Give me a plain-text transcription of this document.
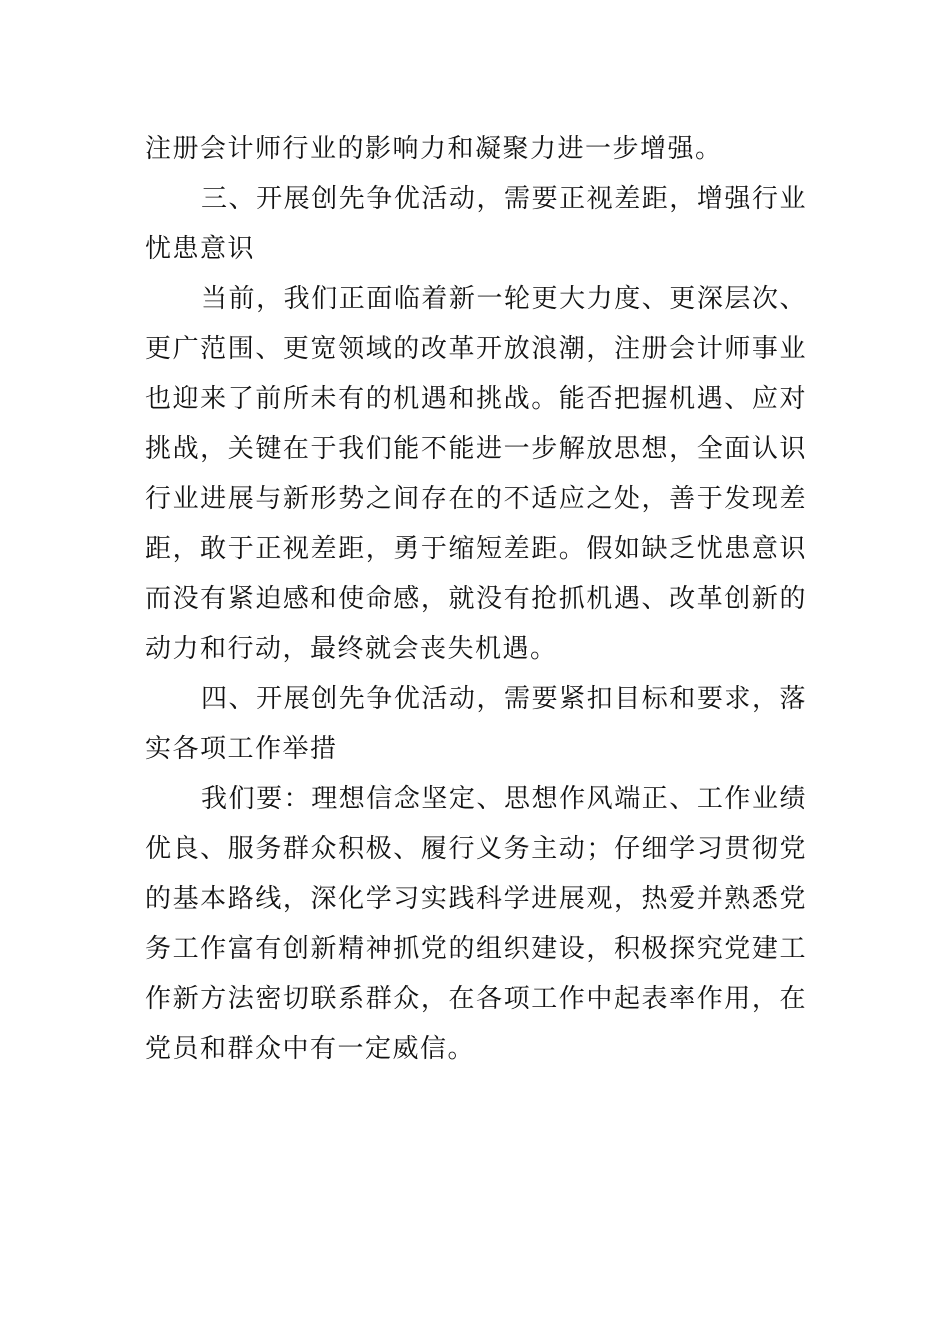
注册会计师行业的影响力和凝聚力进一步增强。

三、开展创先争优活动，需要正视差距，增强行业忧患意识

当前，我们正面临着新一轮更大力度、更深层次、更广范围、更宽领域的改革开放浪潮，注册会计师事业也迎来了前所未有的机遇和挑战。能否把握机遇、应对挑战，关键在于我们能不能进一步解放思想，全面认识行业进展与新形势之间存在的不适应之处，善于发现差距，敢于正视差距，勇于缩短差距。假如缺乏忧患意识而没有紧迫感和使命感，就没有抢抓机遇、改革创新的动力和行动，最终就会丧失机遇。

四、开展创先争优活动，需要紧扣目标和要求，落实各项工作举措

我们要：理想信念坚定、思想作风端正、工作业绩优良、服务群众积极、履行义务主动；仔细学习贯彻党的基本路线，深化学习实践科学进展观，热爱并熟悉党务工作富有创新精神抓党的组织建设，积极探究党建工作新方法密切联系群众，在各项工作中起表率作用，在党员和群众中有一定威信。
